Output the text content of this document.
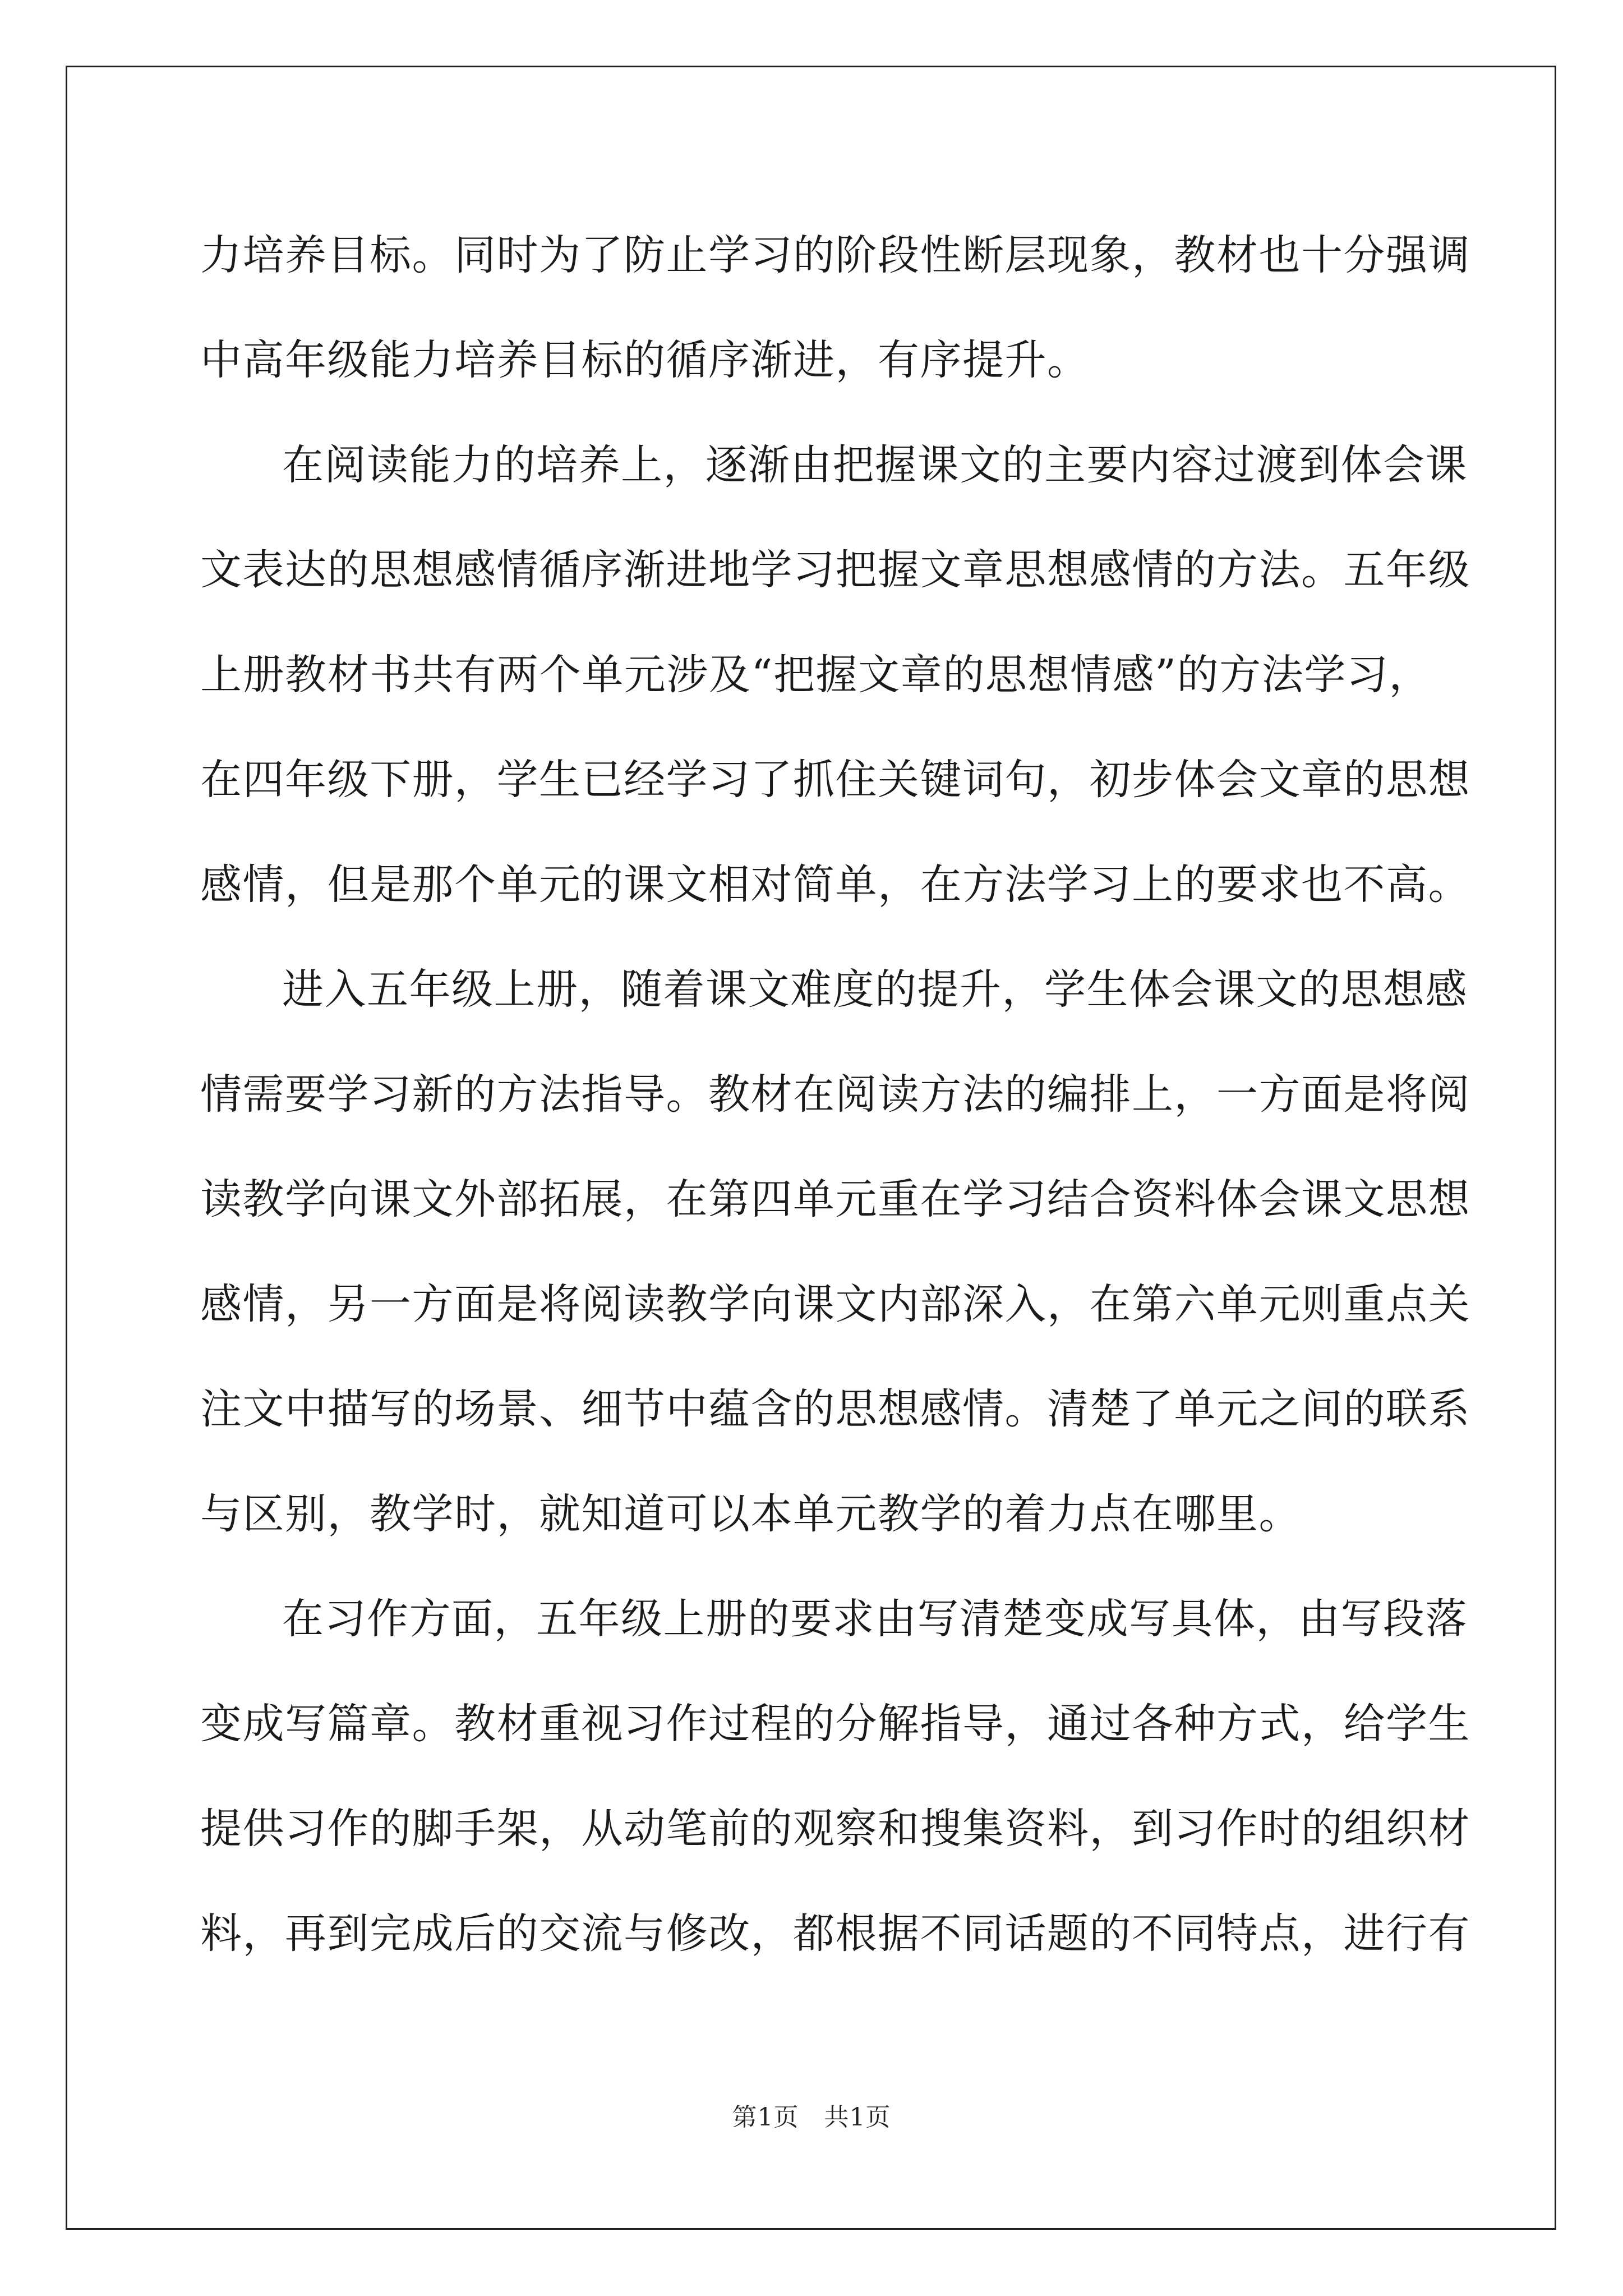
力培养目标。同时为了防止学习的阶段性断层现象，教材也十分强调
中高年级能力培养目标的循序渐进，有序提升。
在阅读能力的培养上，逐渐由把握课文的主要内容过渡到体会课
文表达的思想感情循序渐进地学习把握文章思想感情的方法。五年级
上册教材书共有两个单元涉及“把握文章的思想情感”的方法学习，
在四年级下册，学生已经学习了抓住关键词句，初步体会文章的思想
感情，但是那个单元的课文相对简单，在方法学习上的要求也不高。
进入五年级上册，随着课文难度的提升，学生体会课文的思想感
情需要学习新的方法指导。教材在阅读方法的编排上，一方面是将阅
读教学向课文外部拓展，在第四单元重在学习结合资料体会课文思想
感情，另一方面是将阅读教学向课文内部深入，在第六单元则重点关
注文中描写的场景、细节中蕴含的思想感情。清楚了单元之间的联系
与区别，教学时，就知道可以本单元教学的着力点在哪里。
在习作方面，五年级上册的要求由写清楚变成写具体，由写段落
变成写篇章。教材重视习作过程的分解指导，通过各种方式，给学生
提供习作的脚手架，从动笔前的观察和搜集资料，到习作时的组织材
料，再到完成后的交流与修改，都根据不同话题的不同特点，进行有
第1页 共1页
